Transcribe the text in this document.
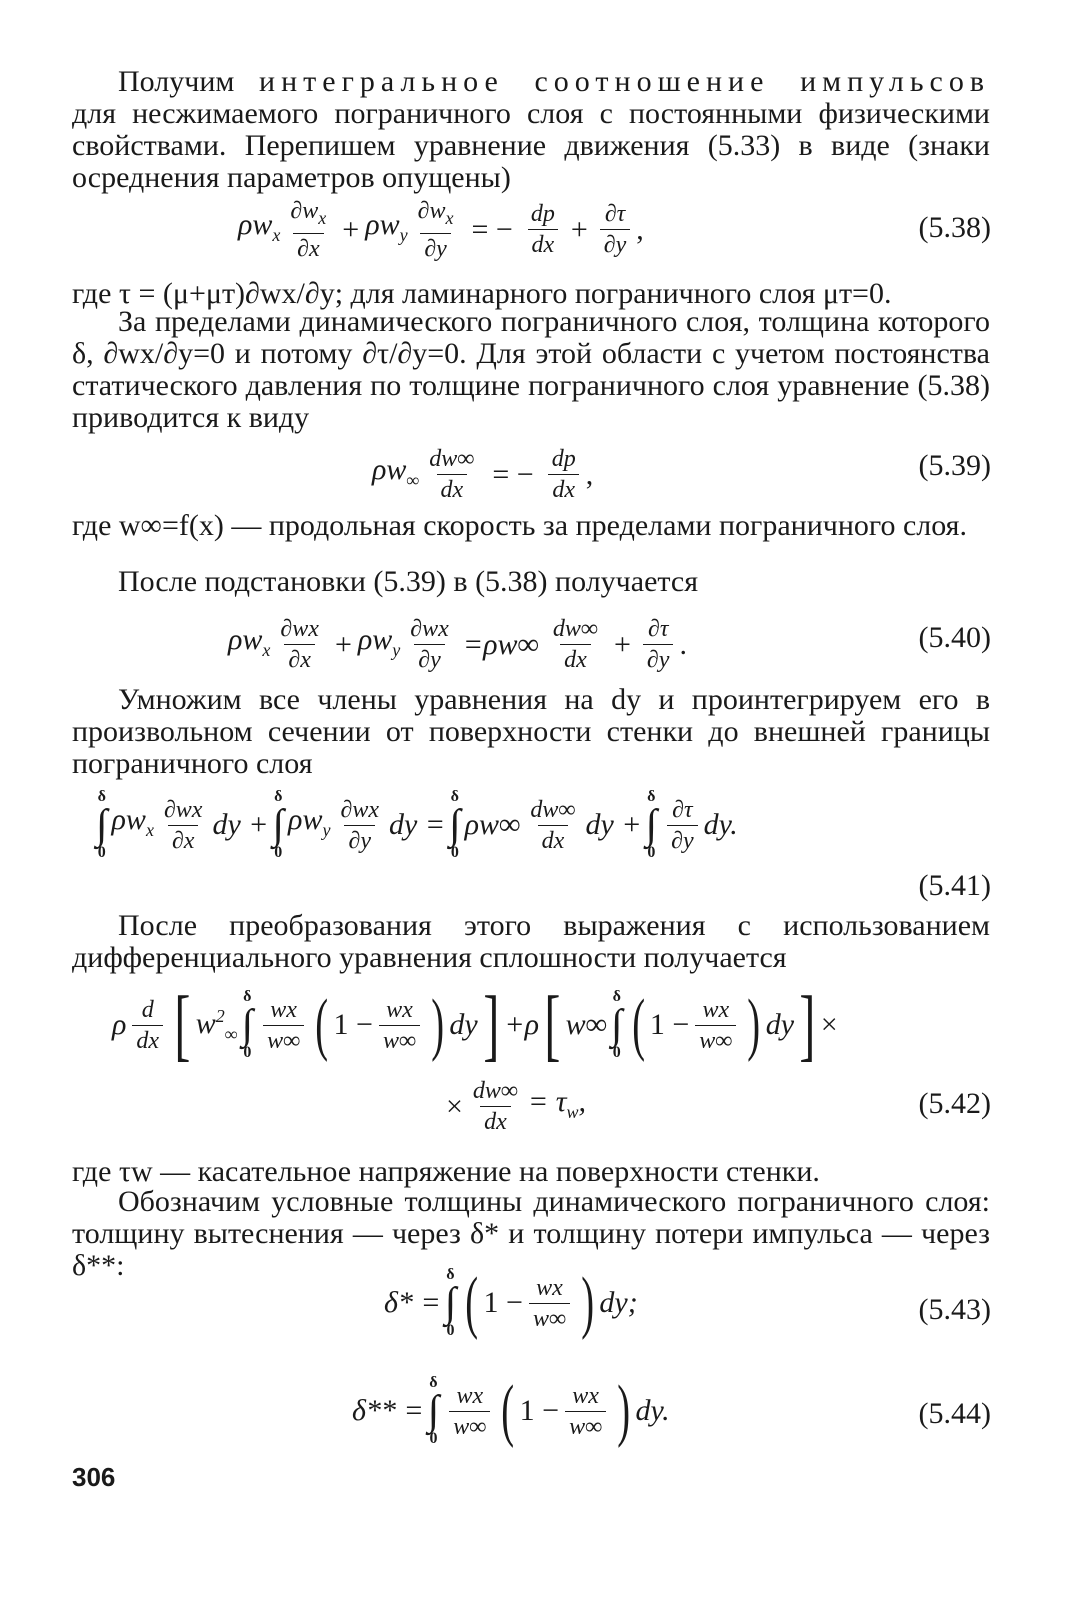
Получим интегральное соотношение импульсов для несжимаемого пограничного слоя с постоянными физическими свойствами. Перепишем уравнение движения (5.33) в виде (знаки осреднения параметров опущены)

$\rho w_x \frac{\partial w_x}{\partial x} + \rho w_y \frac{\partial w_x}{\partial y}$ = − $\frac{dp}{dx} + \frac{\partial\tau}{\partial y}$ ,	(5.38)

где τ = (μ+μт)∂wx/∂y; для ламинарного пограничного слоя μт=0.

За пределами динамического пограничного слоя, толщина которого δ, ∂wx/∂y=0 и потому ∂τ/∂y=0. Для этой области с учетом постоянства статического давления по толщине пограничного слоя уравнение (5.38) приводится к виду

$\rho w_\infty \frac{dw\infty}{dx}$ = − $\frac{dp}{dx}$ ,	(5.39)

где w∞=f(x) — продольная скорость за пределами пограничного слоя.

После подстановки (5.39) в (5.38) получается

$\rho w_x \frac{\partial wx}{\partial x} + \rho w_y \frac{\partial wx}{\partial y} =\rho w\infty \frac{dw\infty}{dx} + \frac{\partial\tau}{\partial y}$ .	(5.40)

Умножим все члены уравнения на dy и проинтегрируем его в произвольном сечении от поверхности стенки до внешней границы пограничного слоя

δ
∫
0
$\rho w_x \frac{\partial wx}{\partial x}$ dy +
δ
∫
0
$\rho w_y \frac{\partial wx}{\partial y}$ dy =
δ
∫
0
$\rho w\infty \frac{dw\infty}{dx}$ dy +
δ
∫
$0 \frac{\partial\tau}{\partial y}$ dy.
(5.41)

После преобразования этого выражения с использованием дифференциального уравнения сплошности получается

ρ $\frac{d}{dx}$ [ $w^2_\infty$
δ
∫
$0 \frac{wx}{w\infty}$ ( $1 - \frac{wx}{w\infty}$ ) dy ] +ρ [ w∞
δ
∫
0 ( $1 - \frac{wx}{w\infty}$ ) dy ] ×
× $\frac{dw\infty}{dx} = \tau_w$,	(5.42)

где τw — касательное напряжение на поверхности стенки.

Обозначим условные толщины динамического пограничного слоя: толщину вытеснения — через δ* и толщину потери импульса — через δ**:

δ* =
δ
∫
0 ( $1 - \frac{wx}{w\infty}$ ) dy;	(5.43)
δ** =
δ
∫
$0 \frac{wx}{w\infty}$ ( $1 - \frac{wx}{w\infty}$ ) dy.	(5.44)
306
